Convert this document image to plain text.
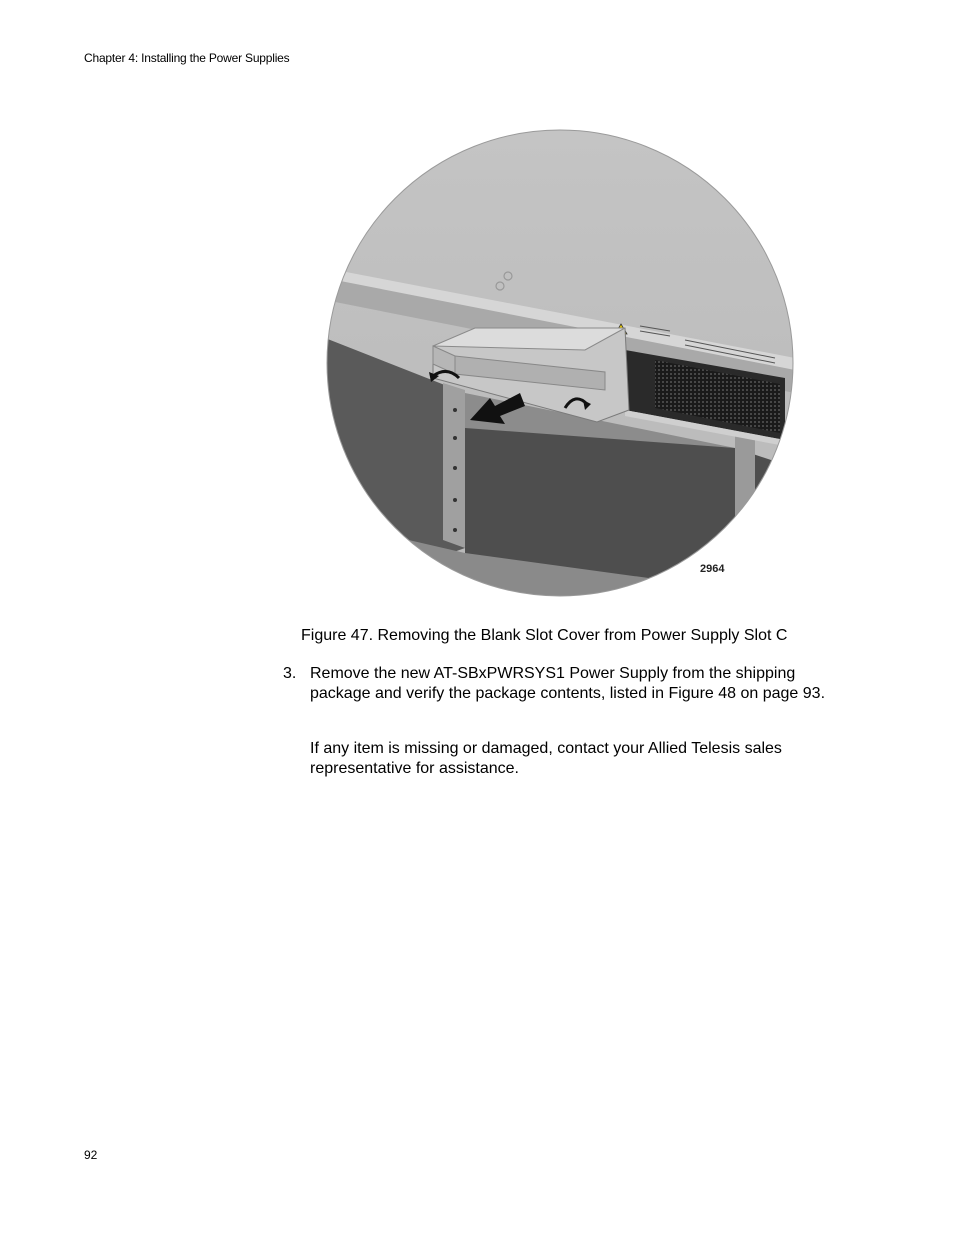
Chapter 4: Installing the Power Supplies
2964
Figure 47. Removing the Blank Slot Cover from Power Supply Slot C
3. Remove the new AT-SBxPWRSYS1 Power Supply from the shipping package and verify the package contents, listed in Figure 48 on page 93.
If any item is missing or damaged, contact your Allied Telesis sales representative for assistance.
92
